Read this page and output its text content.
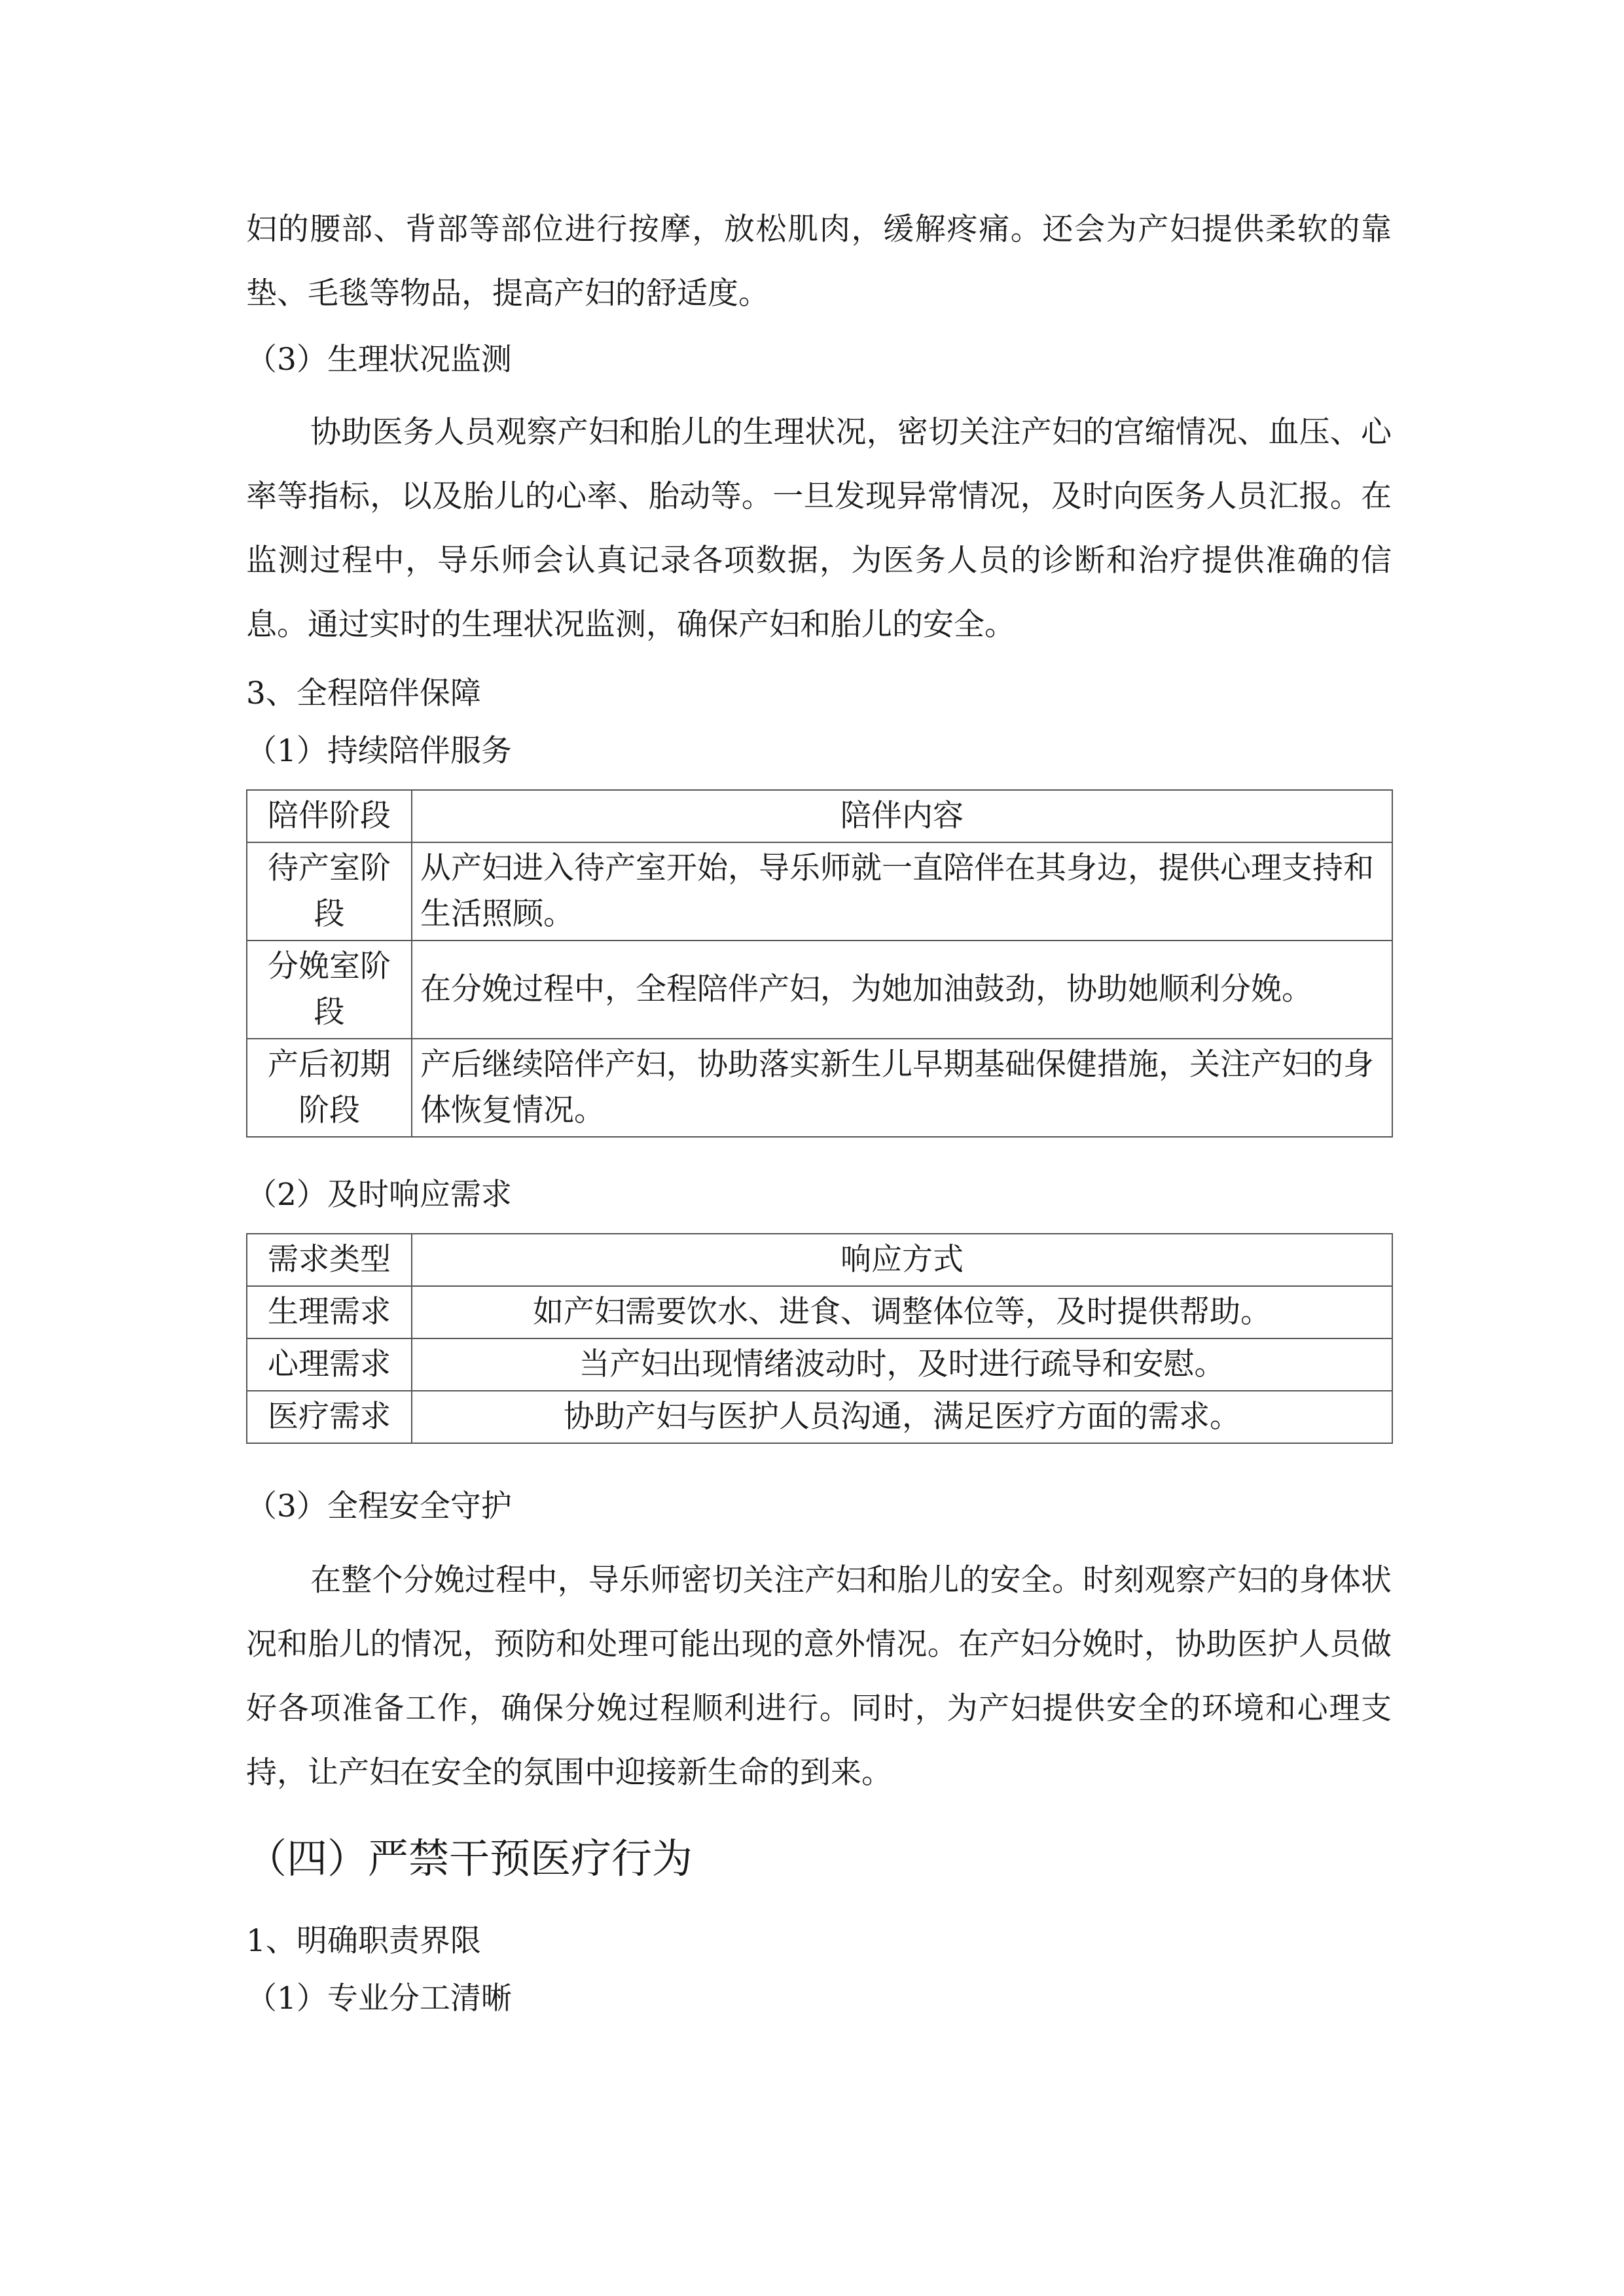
妇的腰部、背部等部位进行按摩，放松肌肉，缓解疼痛。还会为产妇提供柔软的靠垫、毛毯等物品，提高产妇的舒适度。

（3）生理状况监测

协助医务人员观察产妇和胎儿的生理状况，密切关注产妇的宫缩情况、血压、心率等指标，以及胎儿的心率、胎动等。一旦发现异常情况，及时向医务人员汇报。在监测过程中，导乐师会认真记录各项数据，为医务人员的诊断和治疗提供准确的信息。通过实时的生理状况监测，确保产妇和胎儿的安全。

3、全程陪伴保障
（1）持续陪伴服务
陪伴阶段	陪伴内容
待产室阶段	从产妇进入待产室开始，导乐师就一直陪伴在其身边，提供心理支持和生活照顾。
分娩室阶段	在分娩过程中，全程陪伴产妇，为她加油鼓劲，协助她顺利分娩。
产后初期阶段	产后继续陪伴产妇，协助落实新生儿早期基础保健措施，关注产妇的身体恢复情况。
（2）及时响应需求
需求类型	响应方式
生理需求	如产妇需要饮水、进食、调整体位等，及时提供帮助。
心理需求	当产妇出现情绪波动时，及时进行疏导和安慰。
医疗需求	协助产妇与医护人员沟通，满足医疗方面的需求。
（3）全程安全守护

在整个分娩过程中，导乐师密切关注产妇和胎儿的安全。时刻观察产妇的身体状况和胎儿的情况，预防和处理可能出现的意外情况。在产妇分娩时，协助医护人员做好各项准备工作，确保分娩过程顺利进行。同时，为产妇提供安全的环境和心理支持，让产妇在安全的氛围中迎接新生命的到来。

（四）严禁干预医疗行为
1、明确职责界限
（1）专业分工清晰
